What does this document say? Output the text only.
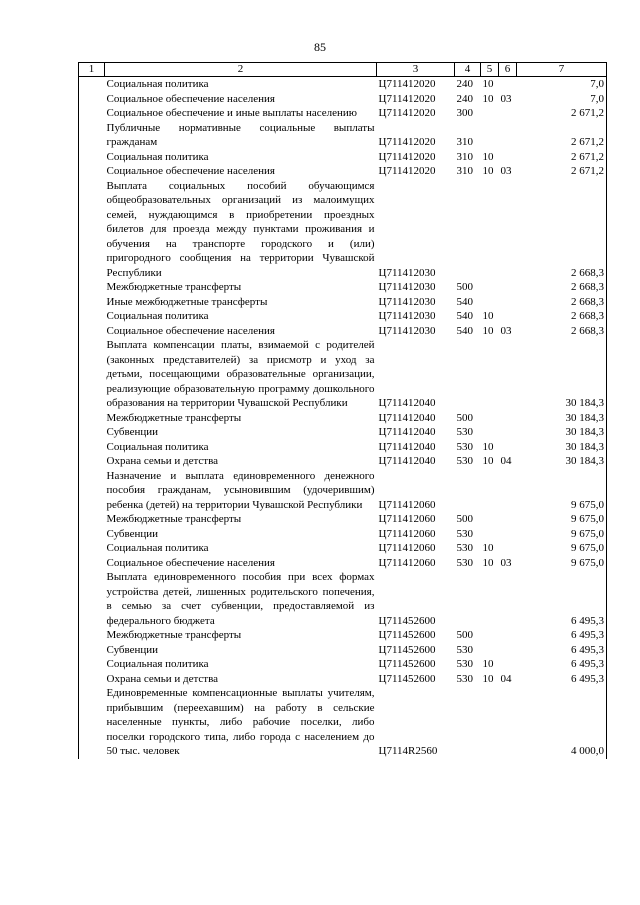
85
1	2	3	4	5	6	7
	Социальная политика	Ц711412020	240	10		7,0
	Социальное обеспечение населения	Ц711412020	240	10	03	7,0
	Социальное обеспечение и иные выплаты населению	Ц711412020	300			2 671,2
	Публичные нормативные социальные выплаты гражданам	Ц711412020	310			2 671,2
	Социальная политика	Ц711412020	310	10		2 671,2
	Социальное обеспечение населения	Ц711412020	310	10	03	2 671,2
	Выплата социальных пособий обучающимся общеобразовательных организаций из малоимущих семей, нуждающимся в приобретении проездных билетов для проезда между пунктами проживания и обучения на транспорте городского и (или) пригородного сообщения на территории Чувашской Республики	Ц711412030				2 668,3
	Межбюджетные трансферты	Ц711412030	500			2 668,3
	Иные межбюджетные трансферты	Ц711412030	540			2 668,3
	Социальная политика	Ц711412030	540	10		2 668,3
	Социальное обеспечение населения	Ц711412030	540	10	03	2 668,3
	Выплата компенсации платы, взимаемой с родителей (законных представителей) за присмотр и уход за детьми, посещающими образовательные организации, реализующие образовательную программу дошкольного образования на территории Чувашской Республики	Ц711412040				30 184,3
	Межбюджетные трансферты	Ц711412040	500			30 184,3
	Субвенции	Ц711412040	530			30 184,3
	Социальная политика	Ц711412040	530	10		30 184,3
	Охрана семьи и детства	Ц711412040	530	10	04	30 184,3
	Назначение и выплата единовременного денежного пособия гражданам, усыновившим (удочерившим) ребенка (детей) на территории Чувашской Республики	Ц711412060				9 675,0
	Межбюджетные трансферты	Ц711412060	500			9 675,0
	Субвенции	Ц711412060	530			9 675,0
	Социальная политика	Ц711412060	530	10		9 675,0
	Социальное обеспечение населения	Ц711412060	530	10	03	9 675,0
	Выплата единовременного пособия при всех формах устройства детей, лишенных родительского попечения, в семью за счет субвенции, предоставляемой из федерального бюджета	Ц711452600				6 495,3
	Межбюджетные трансферты	Ц711452600	500			6 495,3
	Субвенции	Ц711452600	530			6 495,3
	Социальная политика	Ц711452600	530	10		6 495,3
	Охрана семьи и детства	Ц711452600	530	10	04	6 495,3
	Единовременные компенсационные выплаты учителям, прибывшим (переехавшим) на работу в сельские населенные пункты, либо рабочие поселки, либо поселки городского типа, либо города с населением до 50 тыс. человек	Ц7114R2560				4 000,0
